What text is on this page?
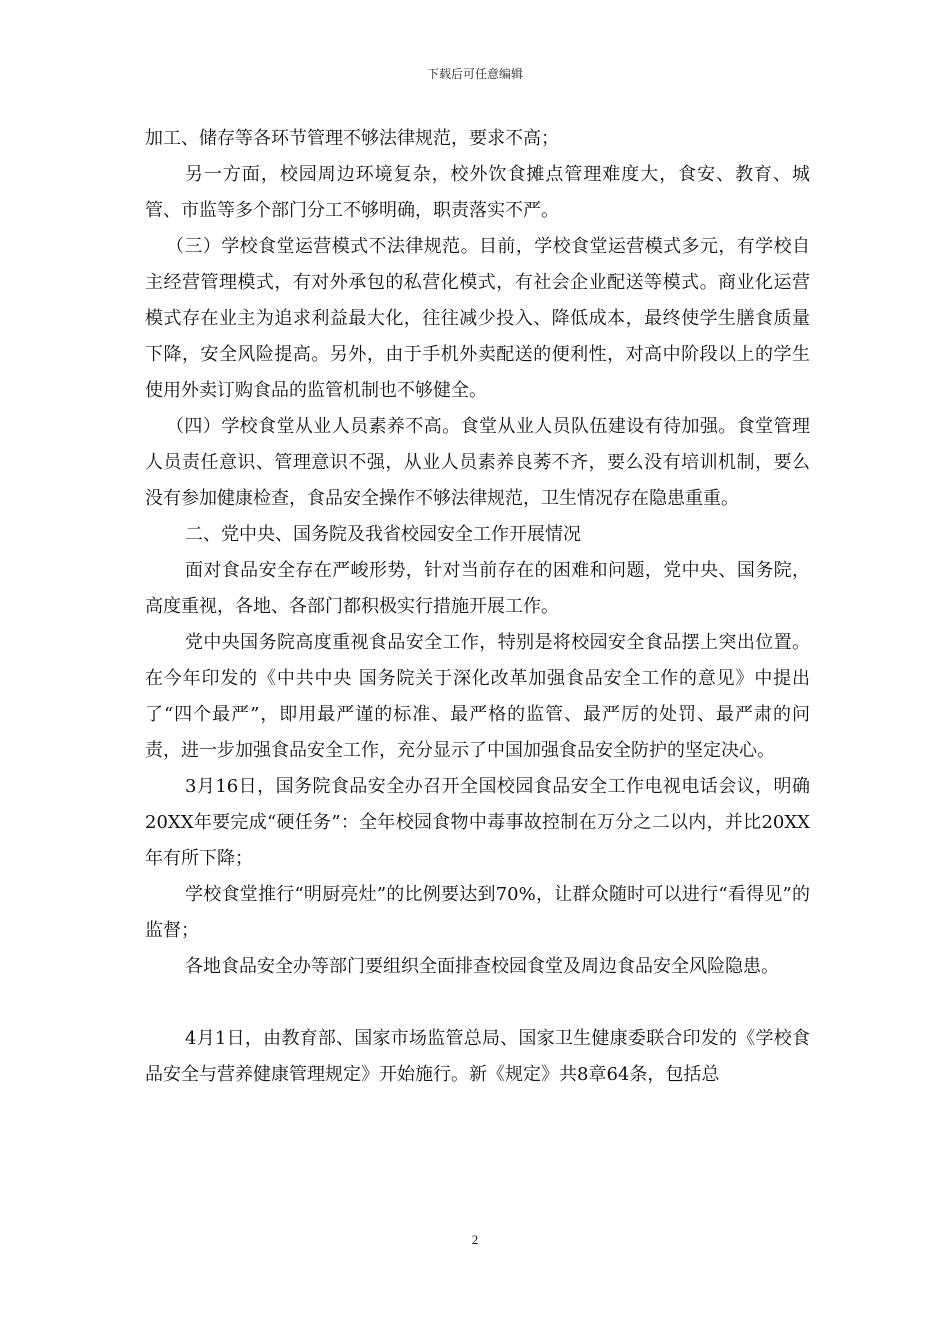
下载后可任意编辑

加工、储存等各环节管理不够法律规范，要求不高；

另一方面，校园周边环境复杂，校外饮食摊点管理难度大，食安、教育、城管、市监等多个部门分工不够明确，职责落实不严。

（三）学校食堂运营模式不法律规范。目前，学校食堂运营模式多元，有学校自主经营管理模式，有对外承包的私营化模式，有社会企业配送等模式。商业化运营模式存在业主为追求利益最大化，往往减少投入、降低成本，最终使学生膳食质量下降，安全风险提高。另外，由于手机外卖配送的便利性，对高中阶段以上的学生使用外卖订购食品的监管机制也不够健全。

（四）学校食堂从业人员素养不高。食堂从业人员队伍建设有待加强。食堂管理人员责任意识、管理意识不强，从业人员素养良莠不齐，要么没有培训机制，要么没有参加健康检查，食品安全操作不够法律规范，卫生情况存在隐患重重。

二、党中央、国务院及我省校园安全工作开展情况

面对食品安全存在严峻形势，针对当前存在的困难和问题，党中央、国务院，高度重视，各地、各部门都积极实行措施开展工作。

党中央国务院高度重视食品安全工作，特别是将校园安全食品摆上突出位置。在今年印发的《中共中央 国务院关于深化改革加强食品安全工作的意见》中提出了“四个最严”，即用最严谨的标准、最严格的监管、最严厉的处罚、最严肃的问责，进一步加强食品安全工作，充分显示了中国加强食品安全防护的坚定决心。

3月16日，国务院食品安全办召开全国校园食品安全工作电视电话会议，明确20XX年要完成“硬任务”：全年校园食物中毒事故控制在万分之二以内，并比20XX年有所下降；

学校食堂推行“明厨亮灶”的比例要达到70%，让群众随时可以进行“看得见”的监督；

各地食品安全办等部门要组织全面排查校园食堂及周边食品安全风险隐患。

4月1日，由教育部、国家市场监管总局、国家卫生健康委联合印发的《学校食品安全与营养健康管理规定》开始施行。新《规定》共8章64条，包括总

2
